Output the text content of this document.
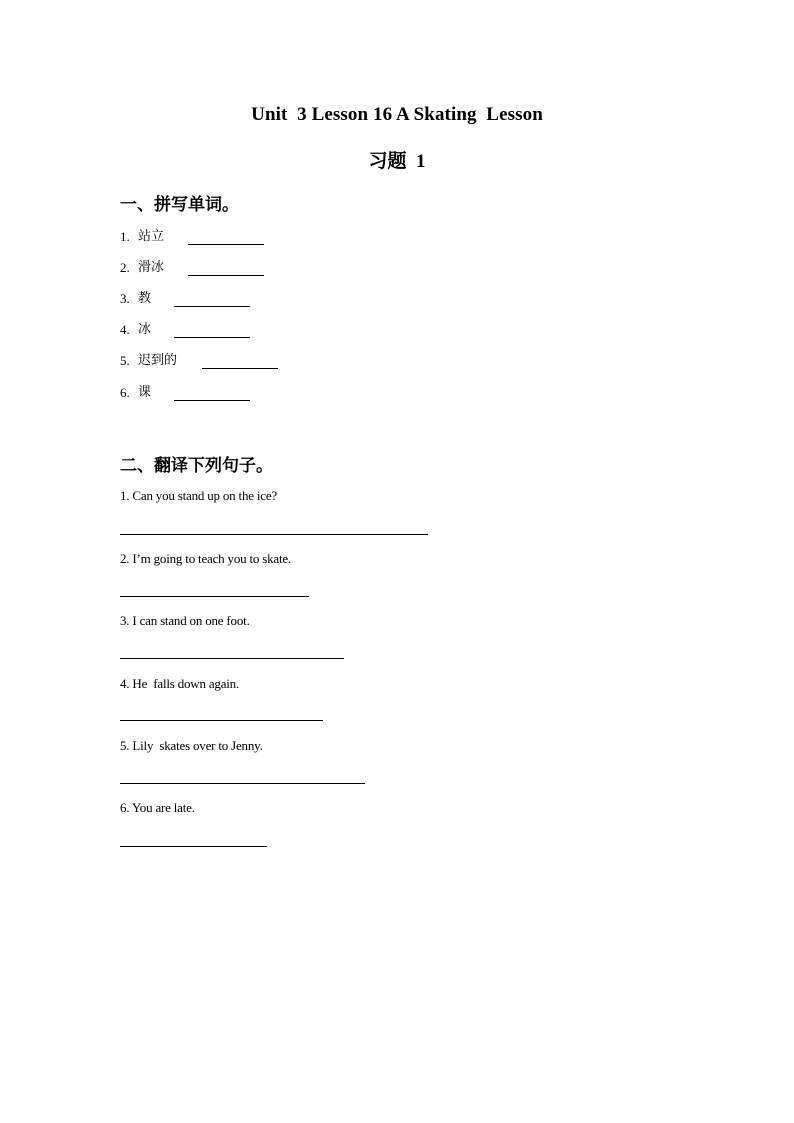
Unit  3 Lesson 16 A Skating  Lesson
习题  1
一、拼写单词。
1. 站立
2. 滑冰
3. 教
4. 冰
5. 迟到的
6. 课
二、翻译下列句子。
1. Can you stand up on the ice?
2. I’m going to teach you to skate.
3. I can stand on one foot.
4. He  falls down again.
5. Lily  skates over to Jenny.
6. You are late.
